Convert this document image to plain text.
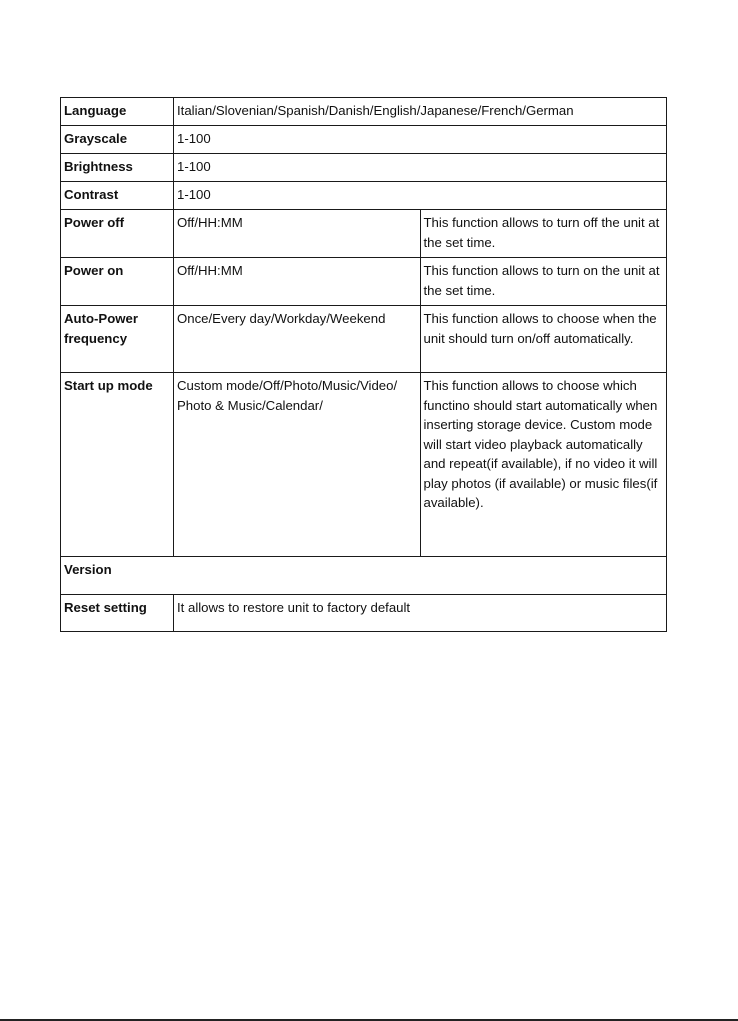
Language	Italian/Slovenian/Spanish/Danish/English/Japanese/French/German	
Grayscale	1-100	
Brightness	1-100	
Contrast	1-100	
Power off	Off/HH:MM	This function allows to turn off the unit at the set time.
Power on	Off/HH:MM	This function allows to turn on the unit at the set time.
Auto-Power frequency	Once/Every day/Workday/Weekend	This function allows to choose when the unit should turn on/off automatically.
Start up mode	Custom mode/Off/Photo/Music/Video/ Photo & Music/Calendar/	This function allows to choose which functino should start automatically when inserting storage device. Custom mode will start video playback automatically and repeat(if available), if no video it will play photos (if available) or music files(if available).
Version		
Reset setting	It allows to restore unit to factory default	
